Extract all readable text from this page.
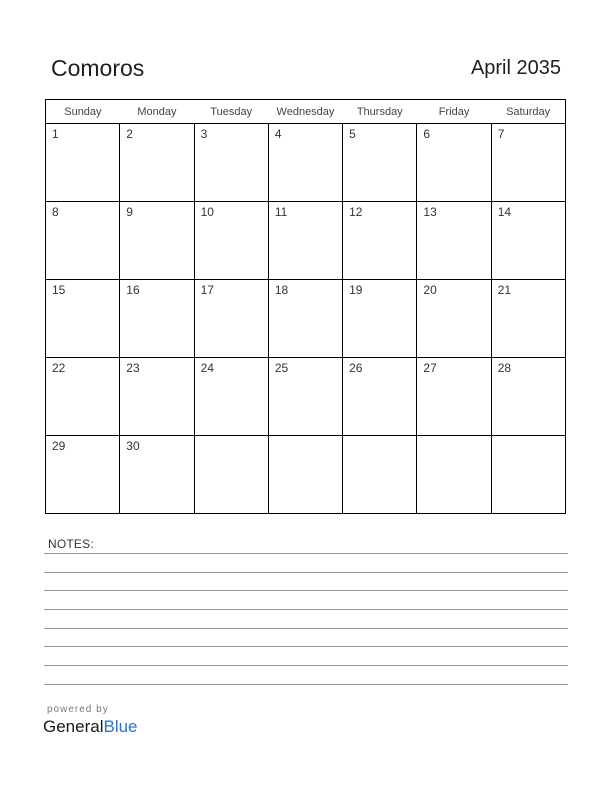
Comoros	April 2035
Sunday	Monday	Tuesday	Wednesday	Thursday	Friday	Saturday

1	2	3	4	5	6	7

8	9	10	11	12	13	14

15	16	17	18	19	20	21

22	23	24	25	26	27	28

29	30					

NOTES:
powered by
GeneralBlue
